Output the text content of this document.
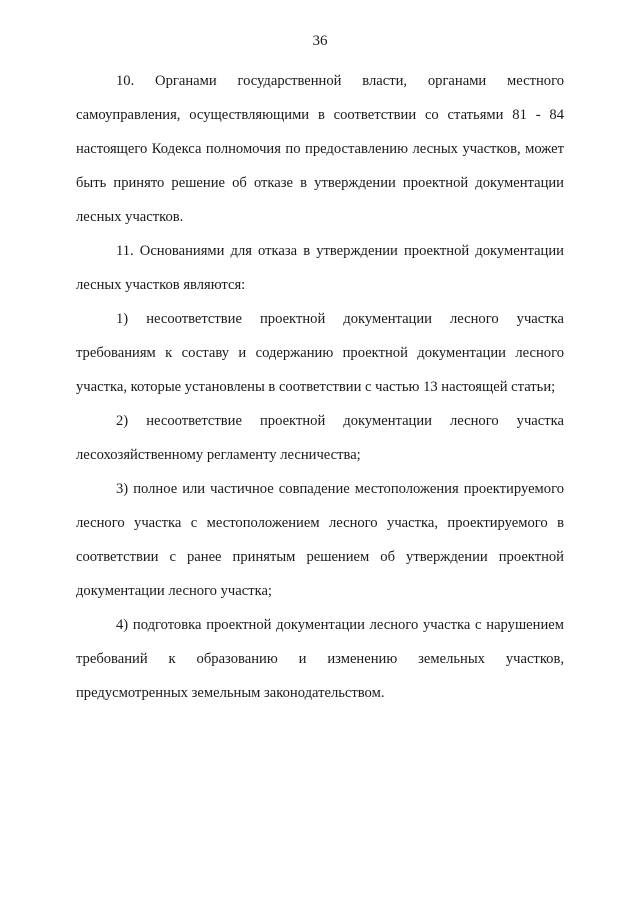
36

10. Органами государственной власти, органами местного самоуправления, осуществляющими в соответствии со статьями 81 - 84 настоящего Кодекса полномочия по предоставлению лесных участков, может быть принято решение об отказе в утверждении проектной документации лесных участков.

11. Основаниями для отказа в утверждении проектной документации лесных участков являются:

1) несоответствие проектной документации лесного участка требованиям к составу и содержанию проектной документации лесного участка, которые установлены в соответствии с частью 13 настоящей статьи;

2) несоответствие проектной документации лесного участка лесохозяйственному регламенту лесничества;

3) полное или частичное совпадение местоположения проектируемого лесного участка с местоположением лесного участка, проектируемого в соответствии с ранее принятым решением об утверждении проектной документации лесного участка;

4) подготовка проектной документации лесного участка с нарушением требований к образованию и изменению земельных участков, предусмотренных земельным законодательством.
